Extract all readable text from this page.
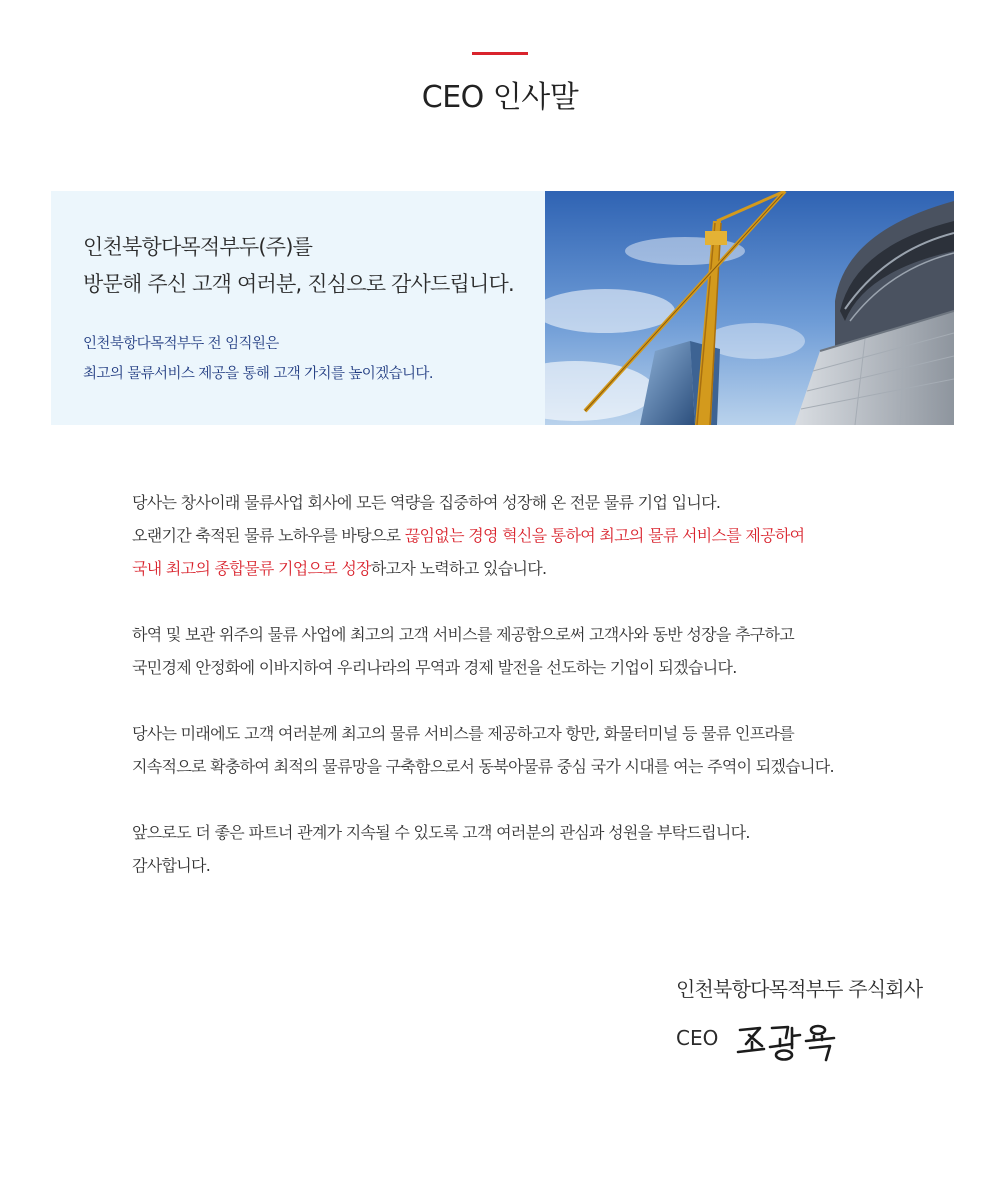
CEO 인사말
인천북항다목적부두(주)를
방문해 주신 고객 여러분, 진심으로 감사드립니다.
인천북항다목적부두 전 임직원은
최고의 물류서비스 제공을 통해 고객 가치를 높이겠습니다.

당사는 창사이래 물류사업 회사에 모든 역량을 집중하여 성장해 온 전문 물류 기업 입니다.
오랜기간 축적된 물류 노하우를 바탕으로 끊임없는 경영 혁신을 통하여 최고의 물류 서비스를 제공하여
국내 최고의 종합물류 기업으로 성장하고자 노력하고 있습니다.

하역 및 보관 위주의 물류 사업에 최고의 고객 서비스를 제공함으로써 고객사와 동반 성장을 추구하고
국민경제 안정화에 이바지하여 우리나라의 무역과 경제 발전을 선도하는 기업이 되겠습니다.

당사는 미래에도 고객 여러분께 최고의 물류 서비스를 제공하고자 항만, 화물터미널 등 물류 인프라를
지속적으로 확충하여 최적의 물류망을 구축함으로서 동북아물류 중심 국가 시대를 여는 주역이 되겠습니다.

앞으로도 더 좋은 파트너 관계가 지속될 수 있도록 고객 여러분의 관심과 성원을 부탁드립니다.
감사합니다.

인천북항다목적부두 주식회사
CEO
